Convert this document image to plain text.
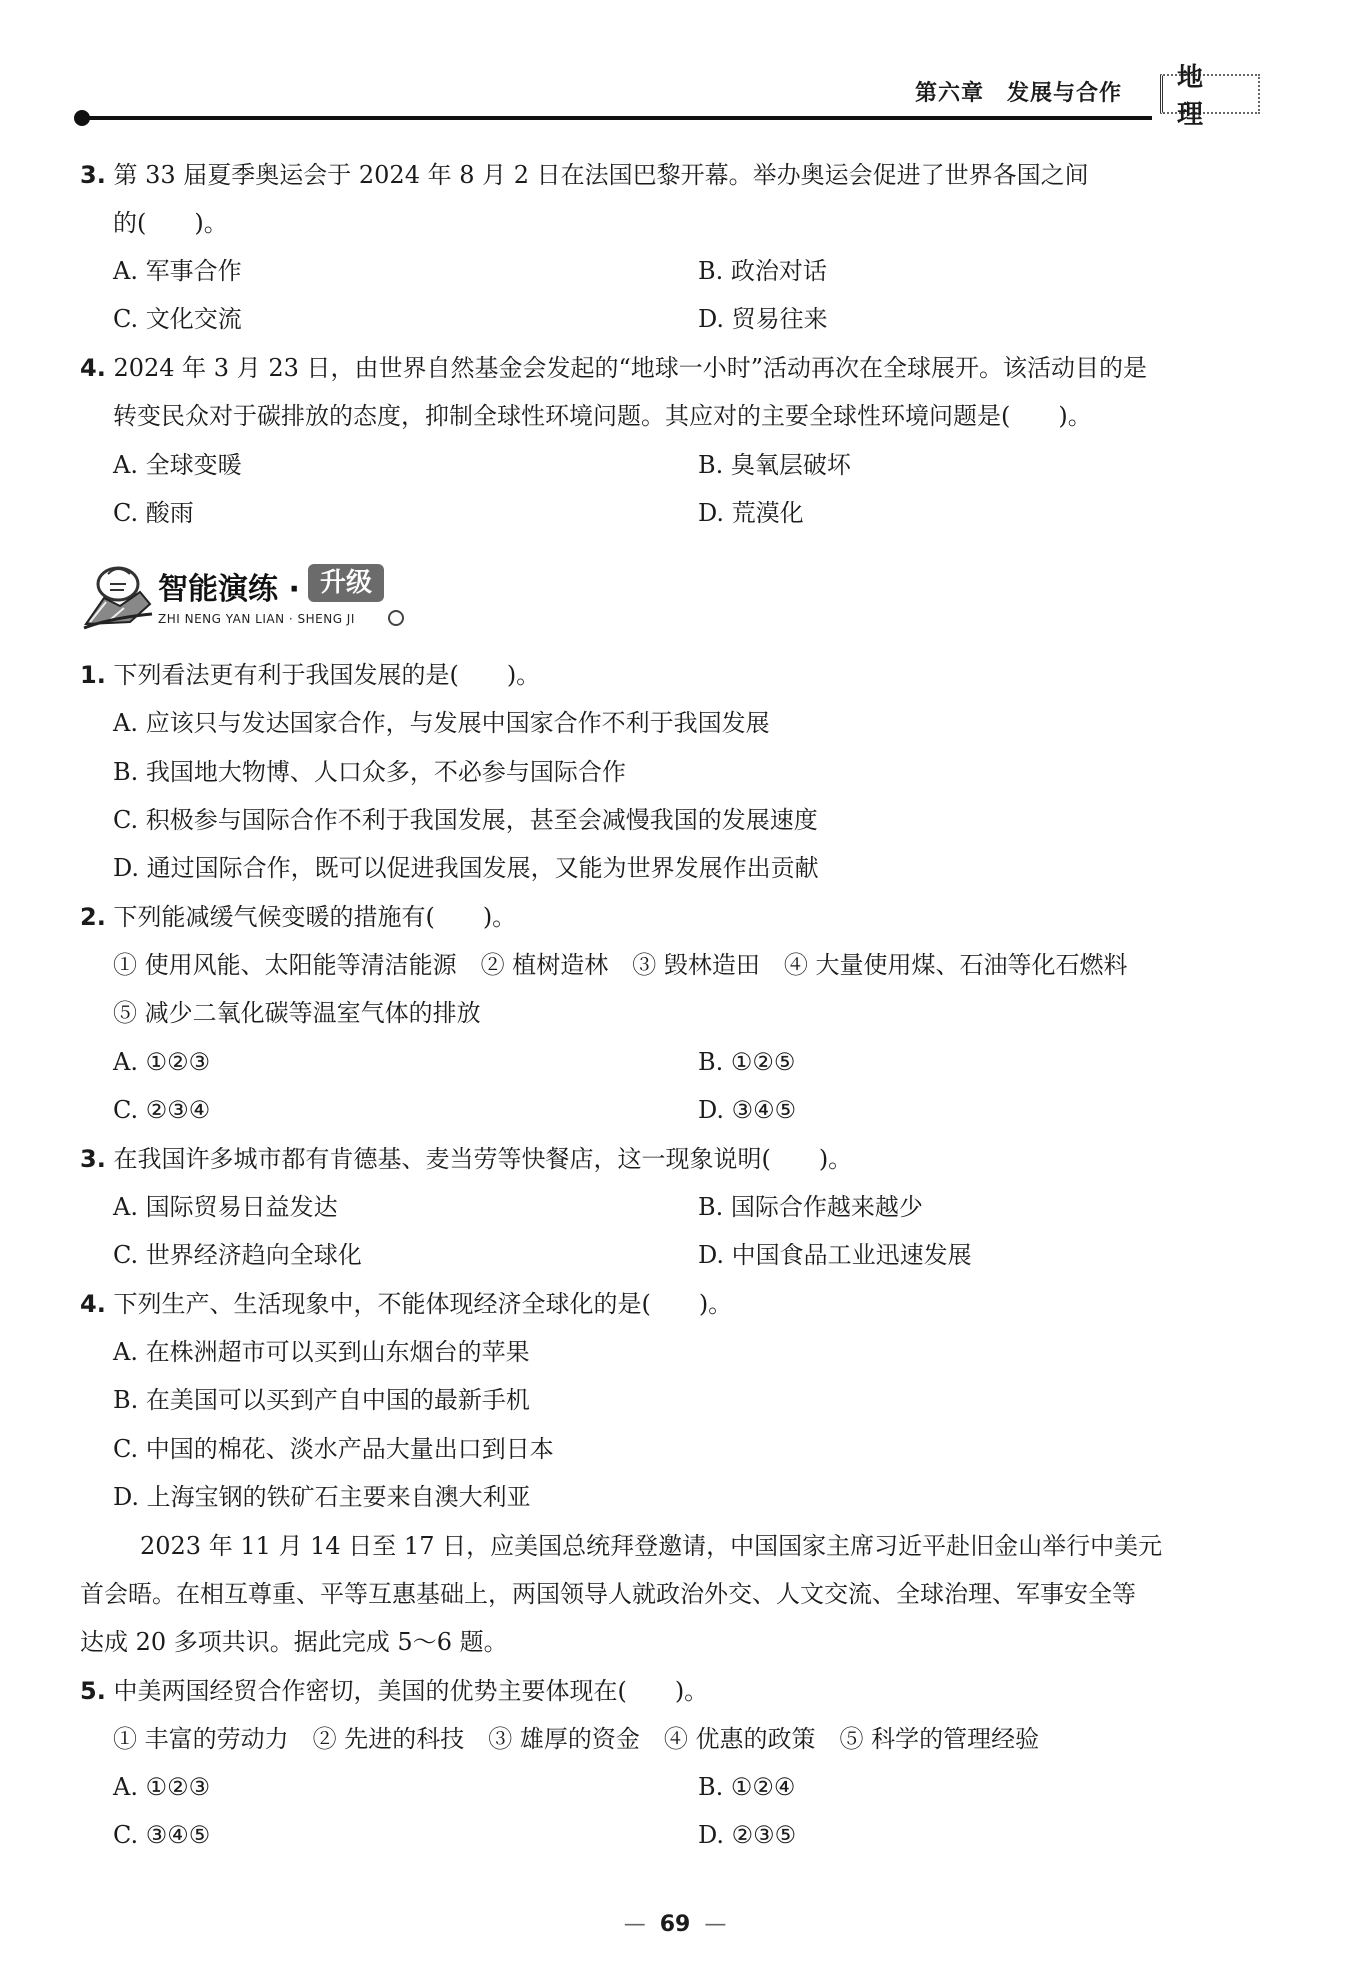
第六章　发展与合作
地 理
3. 第 33 届夏季奥运会于 2024 年 8 月 2 日在法国巴黎开幕。举办奥运会促进了世界各国之间
的(　　)。
A. 军事合作	B. 政治对话
C. 文化交流	D. 贸易往来
4. 2024 年 3 月 23 日，由世界自然基金会发起的“地球一小时”活动再次在全球展开。该活动目的是
转变民众对于碳排放的态度，抑制全球性环境问题。其应对的主要全球性环境问题是(　　)。
A. 全球变暖	B. 臭氧层破坏
C. 酸雨	D. 荒漠化
智能演练 · 升级
ZHI NENG YAN LIAN · SHENG JI
1. 下列看法更有利于我国发展的是(　　)。
A. 应该只与发达国家合作，与发展中国家合作不利于我国发展
B. 我国地大物博、人口众多，不必参与国际合作
C. 积极参与国际合作不利于我国发展，甚至会减慢我国的发展速度
D. 通过国际合作，既可以促进我国发展，又能为世界发展作出贡献
2. 下列能减缓气候变暖的措施有(　　)。
① 使用风能、太阳能等清洁能源　② 植树造林　③ 毁林造田　④ 大量使用煤、石油等化石燃料
⑤ 减少二氧化碳等温室气体的排放
A. ①②③	B. ①②⑤
C. ②③④	D. ③④⑤
3. 在我国许多城市都有肯德基、麦当劳等快餐店，这一现象说明(　　)。
A. 国际贸易日益发达	B. 国际合作越来越少
C. 世界经济趋向全球化	D. 中国食品工业迅速发展
4. 下列生产、生活现象中，不能体现经济全球化的是(　　)。
A. 在株洲超市可以买到山东烟台的苹果
B. 在美国可以买到产自中国的最新手机
C. 中国的棉花、淡水产品大量出口到日本
D. 上海宝钢的铁矿石主要来自澳大利亚
2023 年 11 月 14 日至 17 日，应美国总统拜登邀请，中国国家主席习近平赴旧金山举行中美元
首会晤。在相互尊重、平等互惠基础上，两国领导人就政治外交、人文交流、全球治理、军事安全等
达成 20 多项共识。据此完成 5～6 题。
5. 中美两国经贸合作密切，美国的优势主要体现在(　　)。
① 丰富的劳动力　② 先进的科技　③ 雄厚的资金　④ 优惠的政策　⑤ 科学的管理经验
A. ①②③	B. ①②④
C. ③④⑤	D. ②③⑤
— 69 —
